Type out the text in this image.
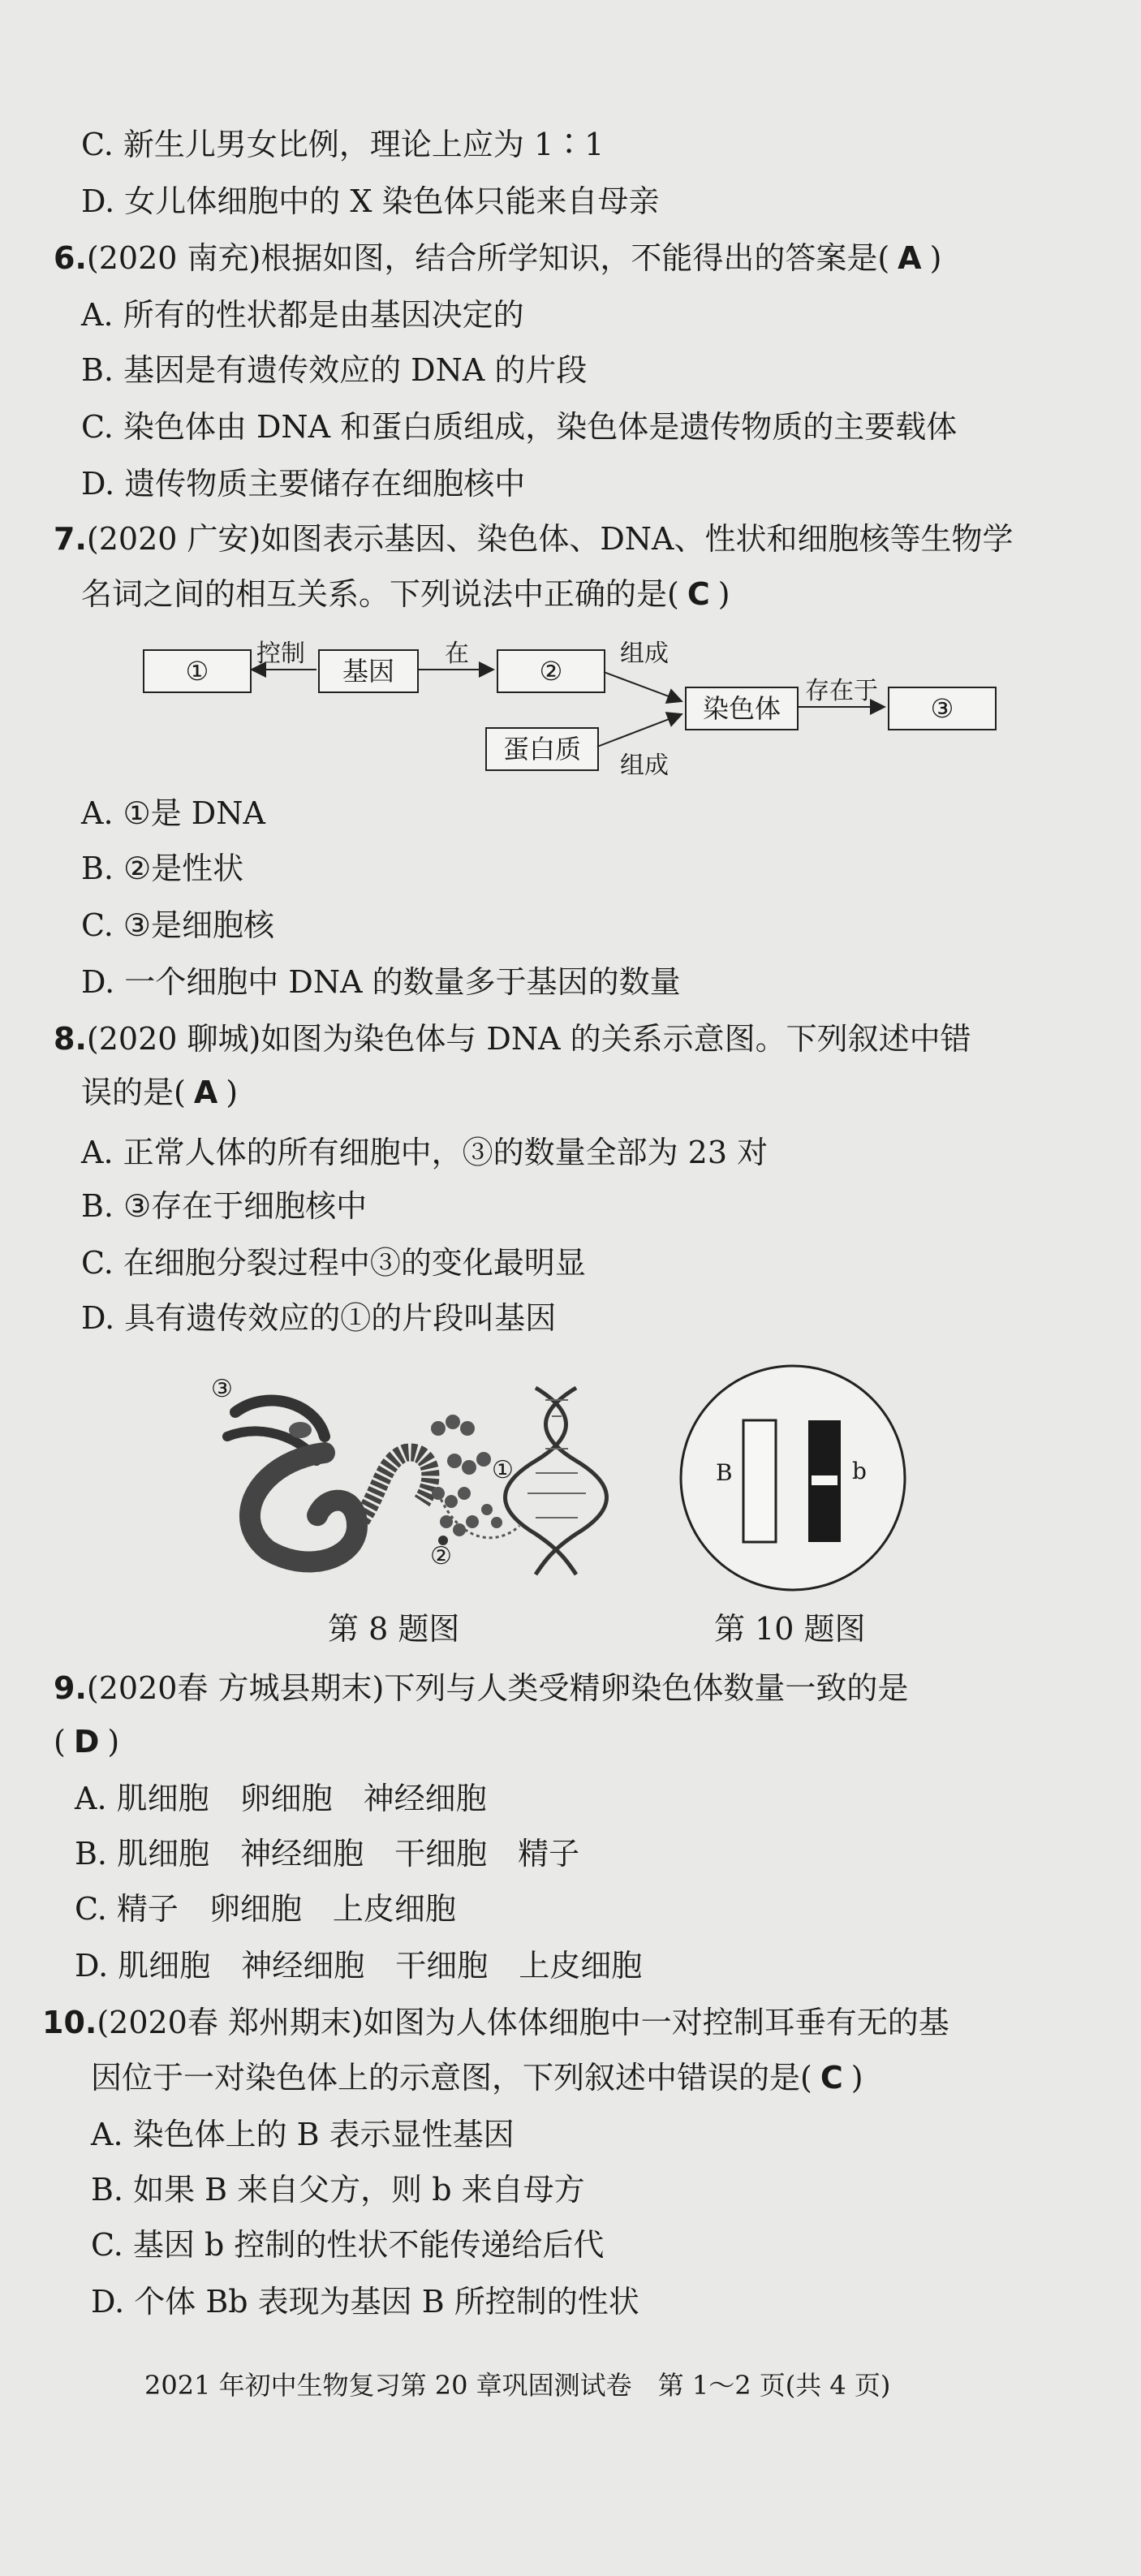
C. 新生儿男女比例，理论上应为 1∶1
D. 女儿体细胞中的 X 染色体只能来自母亲
6.(2020 南充)根据如图，结合所学知识，不能得出的答案是( A )
A. 所有的性状都是由基因决定的
B. 基因是有遗传效应的 DNA 的片段
C. 染色体由 DNA 和蛋白质组成，染色体是遗传物质的主要载体
D. 遗传物质主要储存在细胞核中
7.(2020 广安)如图表示基因、染色体、DNA、性状和细胞核等生物学
名词之间的相互关系。下列说法中正确的是( C )
①	基因	②
蛋白质
染色体	③
控制	在	组成
组成
存在于
A. ①是 DNA
B. ②是性状
C. ③是细胞核
D. 一个细胞中 DNA 的数量多于基因的数量
8.(2020 聊城)如图为染色体与 DNA 的关系示意图。下列叙述中错
误的是( A )
A. 正常人体的所有细胞中，③的数量全部为 23 对
B. ③存在于细胞核中
C. 在细胞分裂过程中③的变化最明显
D. 具有遗传效应的①的片段叫基因
③
①
②
B	b
第 8 题图	第 10 题图
9.(2020春 方城县期末)下列与人类受精卵染色体数量一致的是
( D )
A. 肌细胞　卵细胞　神经细胞
B. 肌细胞　神经细胞　干细胞　精子
C. 精子　卵细胞　上皮细胞
D. 肌细胞　神经细胞　干细胞　上皮细胞
10.(2020春 郑州期末)如图为人体体细胞中一对控制耳垂有无的基
因位于一对染色体上的示意图，下列叙述中错误的是( C )
A. 染色体上的 B 表示显性基因
B. 如果 B 来自父方，则 b 来自母方
C. 基因 b 控制的性状不能传递给后代
D. 个体 Bb 表现为基因 B 所控制的性状
2021 年初中生物复习第 20 章巩固测试卷　第 1～2 页(共 4 页)
